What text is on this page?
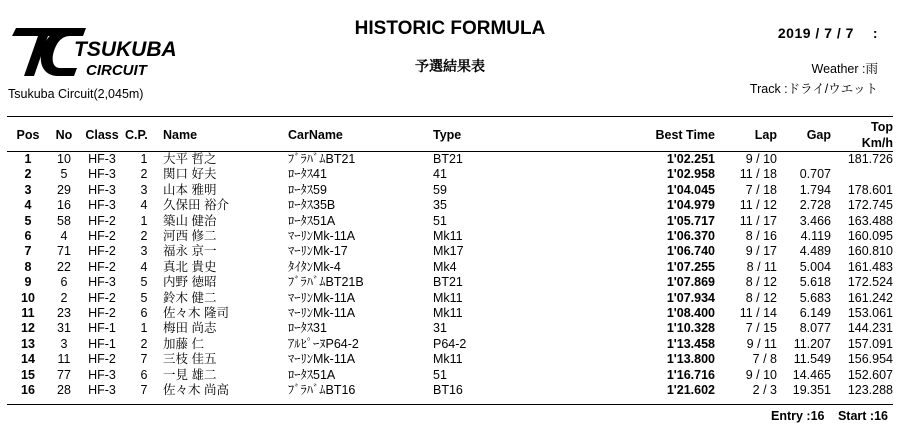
TSUKUBA
CIRCUIT
Tsukuba Circuit(2,045m)
HISTORIC FORMULA
予選結果表
2019 / 7 / 7　 :
Weather :雨
Track :ドライ/ウエット
Pos	No	Class	C.P.	Name	CarName	Type	Best Time	Lap	Gap	Top
Km/h
1	10	HF-3	1	大平 哲之	ﾌﾞﾗﾊﾞﾑBT21	BT21	1'02.251	9 / 10		181.726
2	5	HF-3	2	関口 好夫	ﾛｰﾀｽ41	41	1'02.958	11 / 18	0.707	
3	29	HF-3	3	山本 雅明	ﾛｰﾀｽ59	59	1'04.045	7 / 18	1.794	178.601
4	16	HF-3	4	久保田 裕介	ﾛｰﾀｽ35B	35	1'04.979	11 / 12	2.728	172.745
5	58	HF-2	1	築山 健治	ﾛｰﾀｽ51A	51	1'05.717	11 / 17	3.466	163.488
6	4	HF-2	2	河西 修二	ﾏｰﾘﾝMk-11A	Mk11	1'06.370	8 / 16	4.119	160.095
7	71	HF-2	3	福永 京一	ﾏｰﾘﾝMk-17	Mk17	1'06.740	9 / 17	4.489	160.810
8	22	HF-2	4	真北 貴史	ﾀｲﾀﾝMk-4	Mk4	1'07.255	8 / 11	5.004	161.483
9	6	HF-3	5	内野 徳昭	ﾌﾞﾗﾊﾞﾑBT21B	BT21	1'07.869	8 / 12	5.618	172.524
10	2	HF-2	5	鈴木 健二	ﾏｰﾘﾝMk-11A	Mk11	1'07.934	8 / 12	5.683	161.242
11	23	HF-2	6	佐々木 隆司	ﾏｰﾘﾝMk-11A	Mk11	1'08.400	11 / 14	6.149	153.061
12	31	HF-1	1	梅田 尚志	ﾛｰﾀｽ31	31	1'10.328	7 / 15	8.077	144.231
13	3	HF-1	2	加藤 仁	ｱﾙﾋﾟｰﾇP64-2	P64-2	1'13.458	9 / 11	11.207	157.091
14	11	HF-2	7	三枝 佳五	ﾏｰﾘﾝMk-11A	Mk11	1'13.800	7 / 8	11.549	156.954
15	77	HF-3	6	一見 雄二	ﾛｰﾀｽ51A	51	1'16.716	9 / 10	14.465	152.607
16	28	HF-3	7	佐々木 尚高	ﾌﾞﾗﾊﾞﾑBT16	BT16	1'21.602	2 / 3	19.351	123.288
Entry :16 Start :16
